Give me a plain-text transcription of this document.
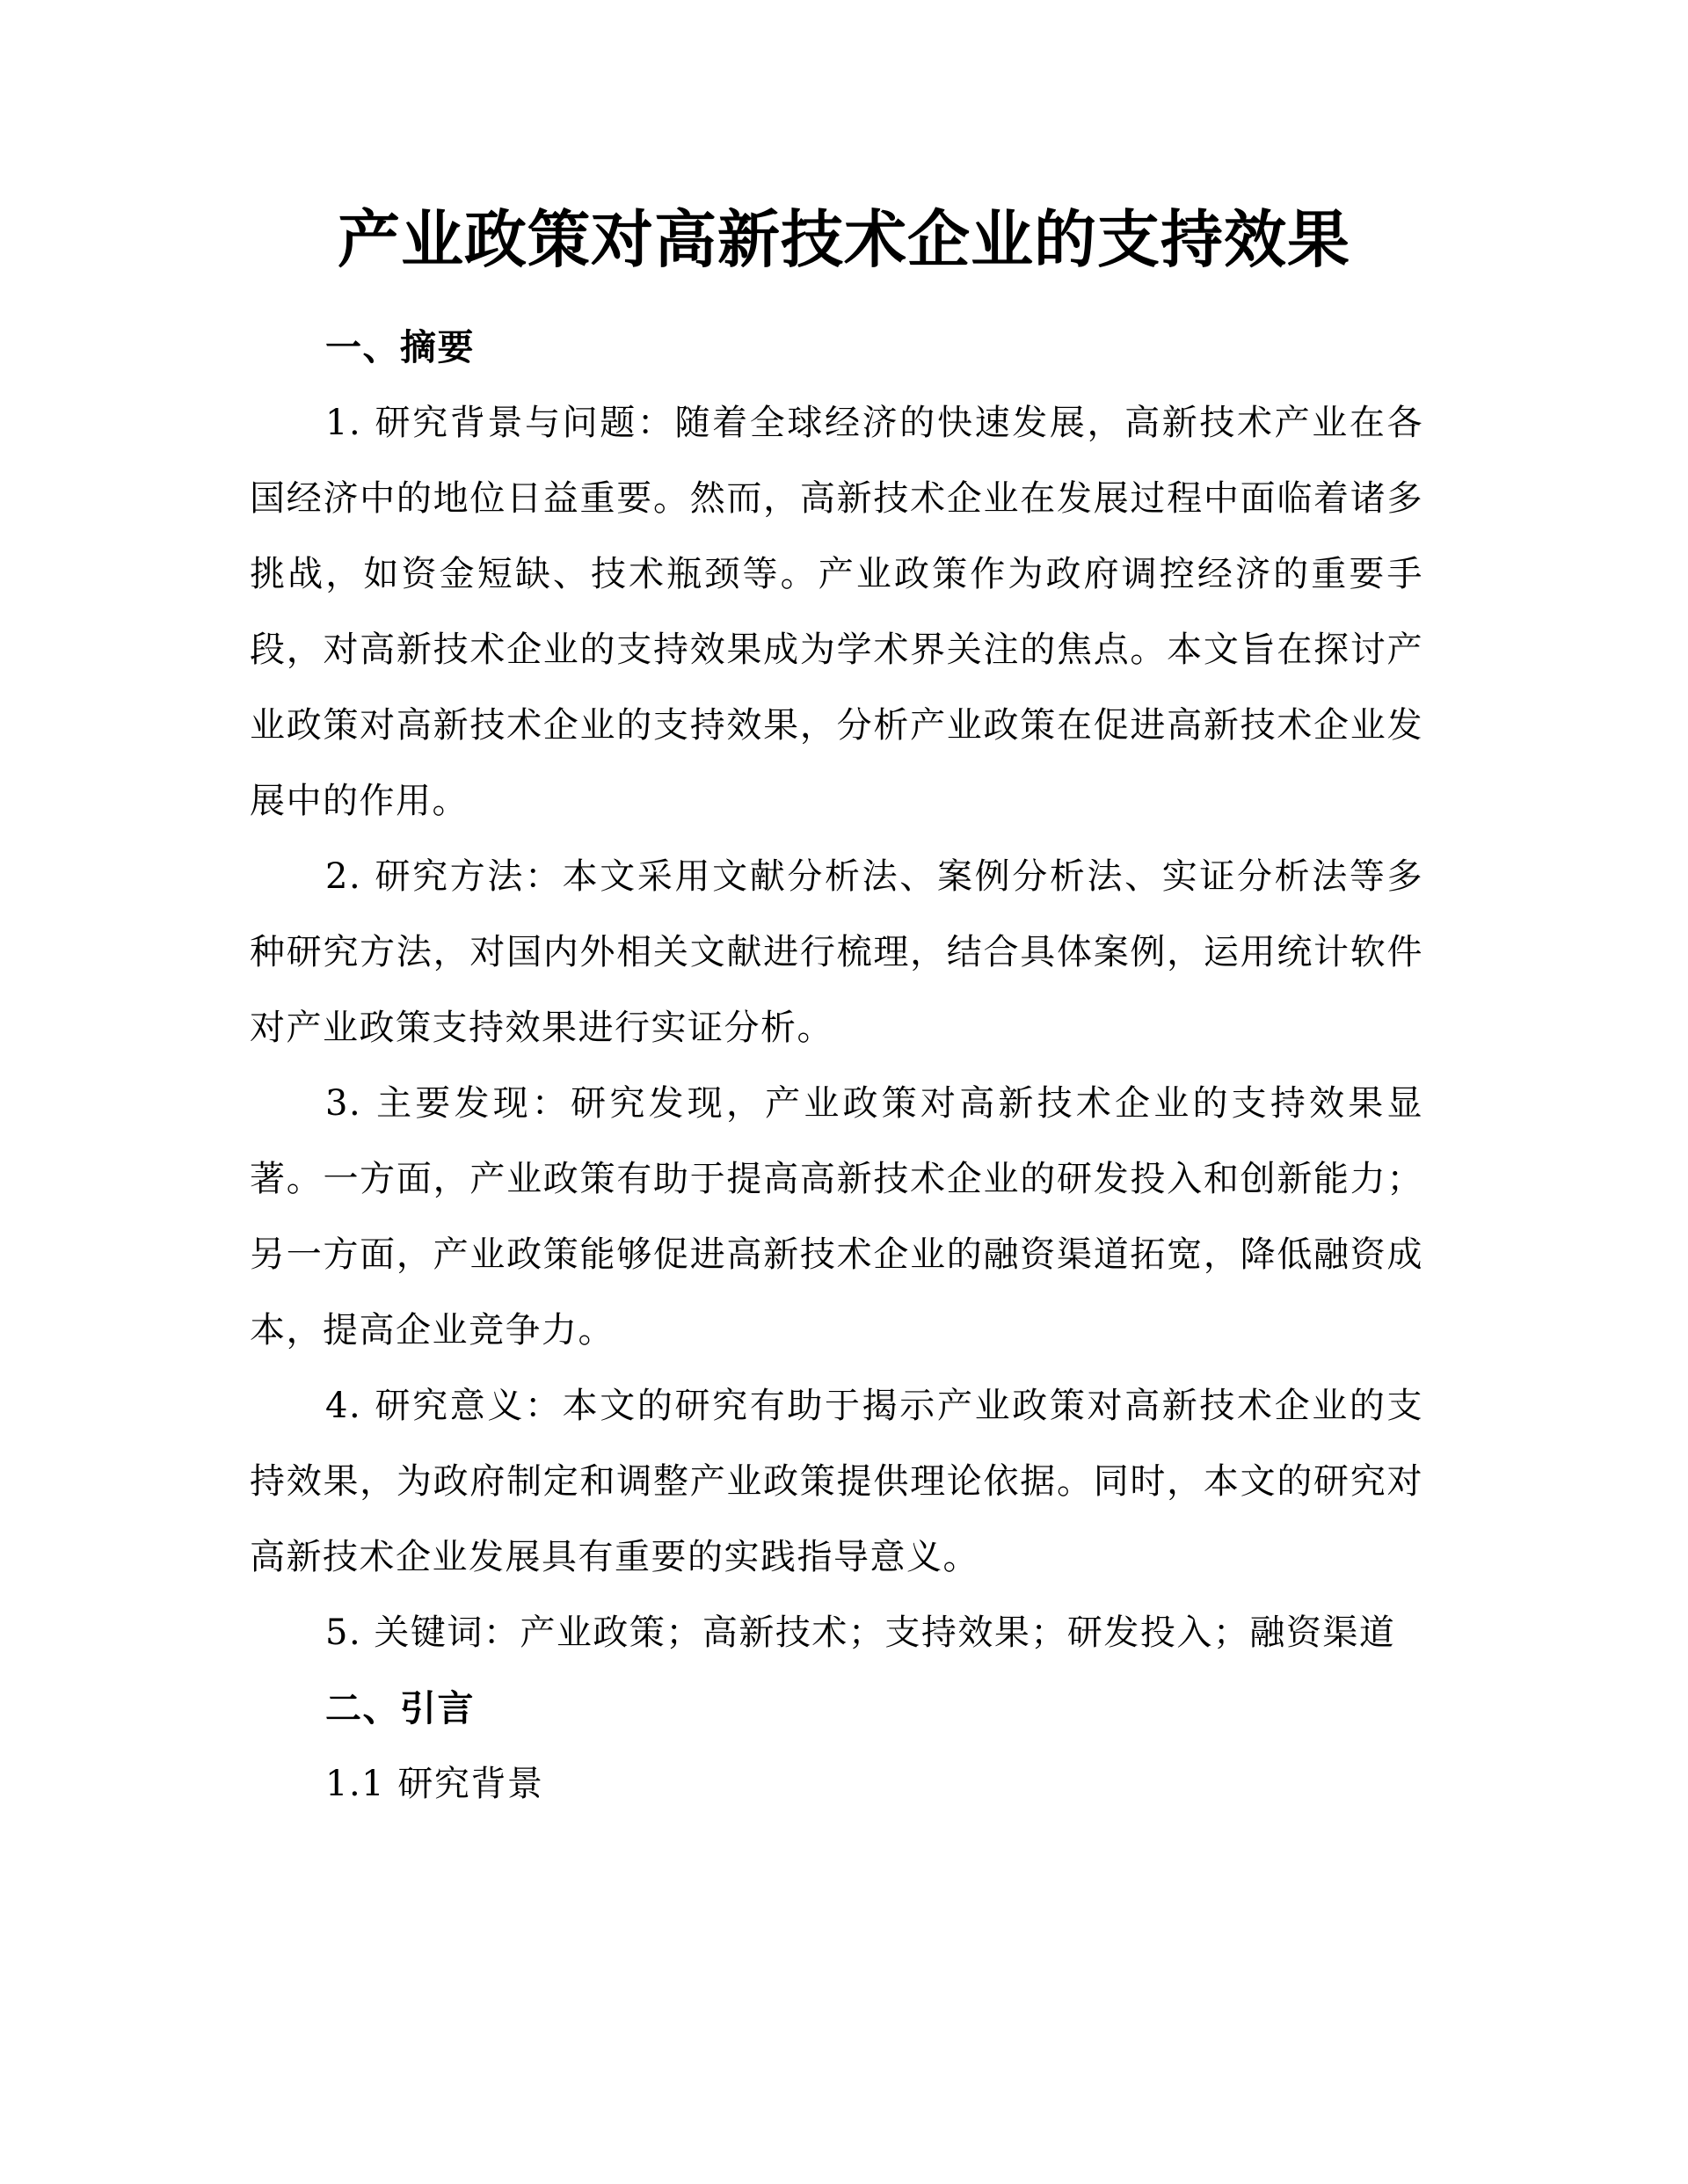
产业政策对高新技术企业的支持效果

一、摘要

1. 研究背景与问题：随着全球经济的快速发展，高新技术产业在各国经济中的地位日益重要。然而，高新技术企业在发展过程中面临着诸多挑战，如资金短缺、技术瓶颈等。产业政策作为政府调控经济的重要手段，对高新技术企业的支持效果成为学术界关注的焦点。本文旨在探讨产业政策对高新技术企业的支持效果，分析产业政策在促进高新技术企业发展中的作用。

2. 研究方法：本文采用文献分析法、案例分析法、实证分析法等多种研究方法，对国内外相关文献进行梳理，结合具体案例，运用统计软件对产业政策支持效果进行实证分析。

3. 主要发现：研究发现，产业政策对高新技术企业的支持效果显著。一方面，产业政策有助于提高高新技术企业的研发投入和创新能力；另一方面，产业政策能够促进高新技术企业的融资渠道拓宽，降低融资成本，提高企业竞争力。

4. 研究意义：本文的研究有助于揭示产业政策对高新技术企业的支持效果，为政府制定和调整产业政策提供理论依据。同时，本文的研究对高新技术企业发展具有重要的实践指导意义。

5. 关键词：产业政策；高新技术；支持效果；研发投入；融资渠道

二、引言

1.1 研究背景
